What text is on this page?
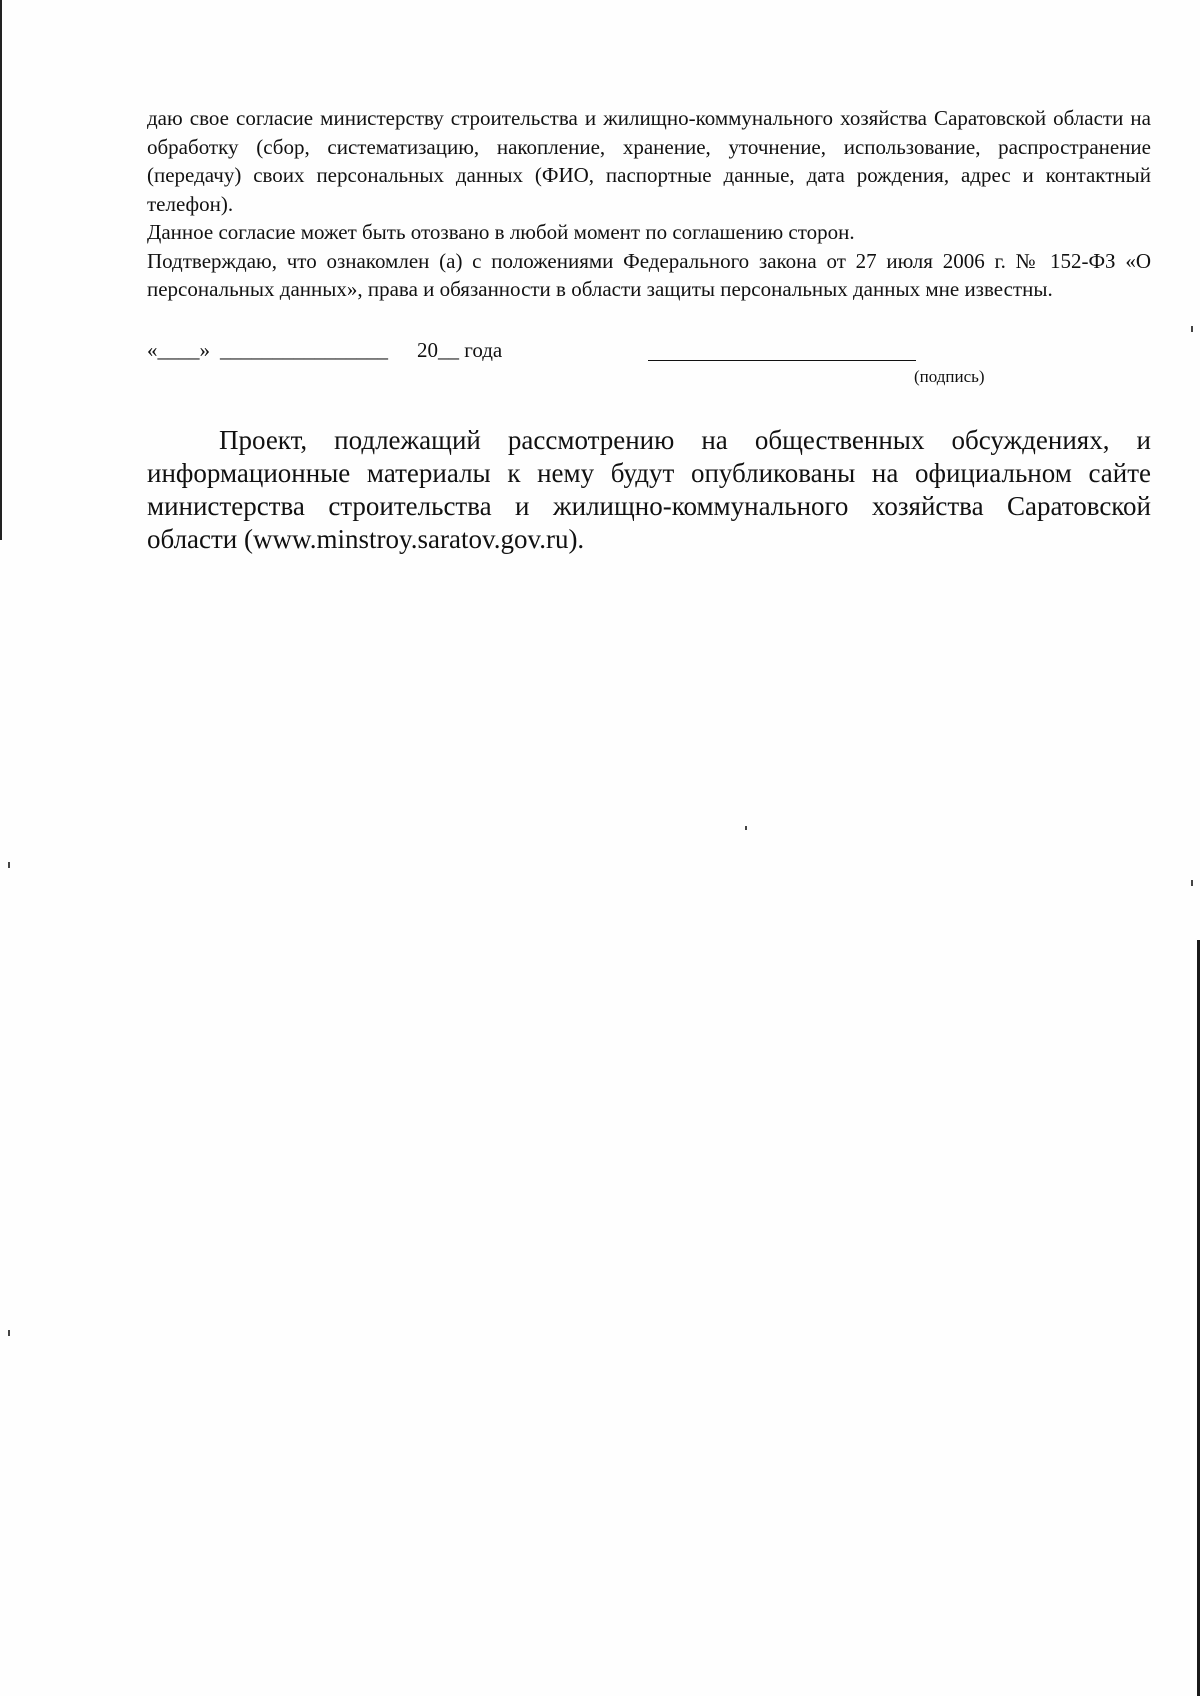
даю свое согласие министерству строительства и жилищно-коммунального хозяйства Саратовской области на обработку (сбор, систематизацию, накопление, хранение, уточнение, использование, распространение (передачу) своих персональных данных (ФИО, паспортные данные, дата рождения, адрес и контактный телефон).

Данное согласие может быть отозвано в любой момент по соглашению сторон.

Подтверждаю, что ознакомлен (а) с положениями Федерального закона от 27 июля 2006 г. № 152-ФЗ «О персональных данных», права и обязанности в области защиты персональных данных мне известны.

«____» ________________ 20__ года
(подпись)

Проект, подлежащий рассмотрению на общественных обсуждениях, и информационные материалы к нему будут опубликованы на официальном сайте министерства строительства и жилищно-коммунального хозяйства Саратовской области (www.minstroy.saratov.gov.ru).
